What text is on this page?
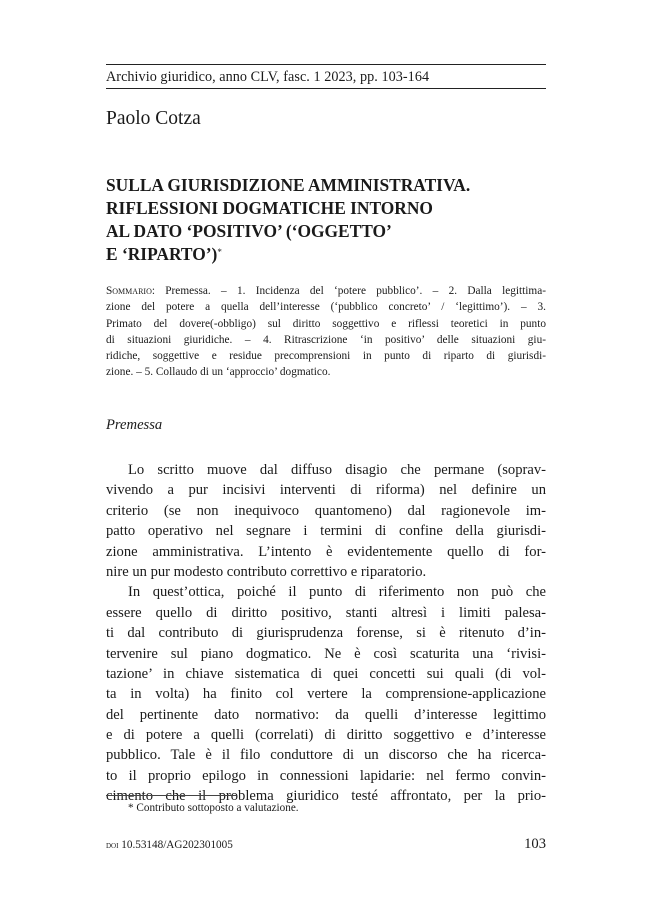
Archivio giuridico, anno CLV, fasc. 1 2023, pp. 103-164
Paolo Cotza
SULLA GIURISDIZIONE AMMINISTRATIVA.
RIFLESSIONI DOGMATICHE INTORNO
AL DATO ‘POSITIVO’ (‘OGGETTO’
E ‘RIPARTO’)*
Sommario: Premessa. – 1. Incidenza del ‘potere pubblico’. – 2. Dalla legittima-
zione del potere a quella dell’interesse (‘pubblico concreto’ / ‘legittimo’). – 3.
Primato del dovere(-obbligo) sul diritto soggettivo e riflessi teoretici in punto
di situazioni giuridiche. – 4. Ritrascrizione ‘in positivo’ delle situazioni giu-
ridiche, soggettive e residue precomprensioni in punto di riparto di giurisdi-
zione. – 5. Collaudo di un ‘approccio’ dogmatico.
Premessa
Lo scritto muove dal diffuso disagio che permane (soprav-
vivendo a pur incisivi interventi di riforma) nel definire un
criterio (se non inequivoco quantomeno) dal ragionevole im-
patto operativo nel segnare i termini di confine della giurisdi-
zione amministrativa. L’intento è evidentemente quello di for-
nire un pur modesto contributo correttivo e riparatorio.
In quest’ottica, poiché il punto di riferimento non può che
essere quello di diritto positivo, stanti altresì i limiti palesa-
ti dal contributo di giurisprudenza forense, si è ritenuto d’in-
tervenire sul piano dogmatico. Ne è così scaturita una ‘rivisi-
tazione’ in chiave sistematica di quei concetti sui quali (di vol-
ta in volta) ha finito col vertere la comprensione-applicazione
del pertinente dato normativo: da quelli d’interesse legittimo
e di potere a quelli (correlati) di diritto soggettivo e d’interesse
pubblico. Tale è il filo conduttore di un discorso che ha ricerca-
to il proprio epilogo in connessioni lapidarie: nel fermo convin-
cimento che il problema giuridico testé affrontato, per la prio-
* Contributo sottoposto a valutazione.
doi 10.53148/AG202301005	103
